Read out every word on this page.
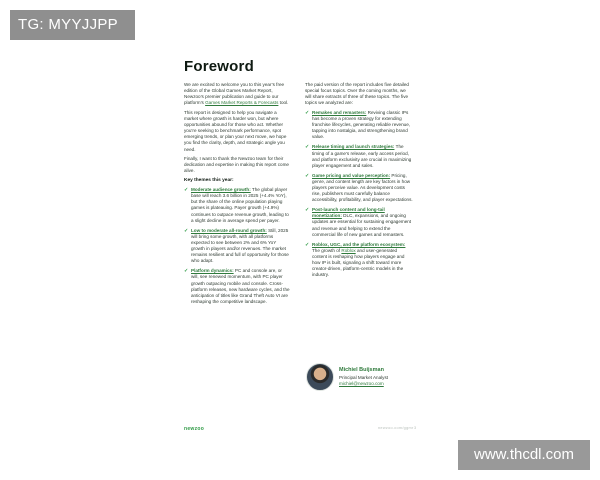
TG: MYYJJPP
Foreword

We are excited to welcome you to this year’s free edition of the Global Games Market Report, Newzoo’s premier publication and guide to our platform’s Games Market Reports & Forecasts tool.

This report is designed to help you navigate a market where growth is harder won, but where opportunities abound for those who act. Whether you’re seeking to benchmark performance, spot emerging trends, or plan your next move, we hope you find the clarity, depth, and strategic angle you need.

Finally, I want to thank the Newzoo team for their dedication and expertise in making this report come alive.

Key themes this year:
✓ Moderate audience growth: The global player base will reach 3.6 billion in 2025 (+4.4% YoY), but the share of the online population playing games is plateauing. Payer growth (+4.9%) continues to outpace revenue growth, leading to a slight decline in average spend per payer.
✓ Low to moderate all-round growth: Still, 2025 will bring some growth, with all platforms expected to see between 2% and 6% YoY growth in players and/or revenues. The market remains resilient and full of opportunity for those who adapt.
✓ Platform dynamics: PC and console are, or will, see renewed momentum, with PC player growth outpacing mobile and console. Cross-platform releases, new hardware cycles, and the anticipation of titles like Grand Theft Auto VI are reshaping the competitive landscape.

The paid version of the report includes five detailed special focus topics. Over the coming months, we will share extracts of three of these topics. The five topics we analyzed are:

✓ Remakes and remasters: Reviving classic IPs has become a proven strategy for extending franchise lifecycles, generating reliable revenue, tapping into nostalgia, and strengthening brand value.
✓ Release timing and launch strategies: The timing of a game’s release, early access period, and platform exclusivity are crucial in maximizing player engagement and sales.
✓ Game pricing and value perception: Pricing, genre, and content length are key factors in how players perceive value. As development costs rise, publishers must carefully balance accessibility, profitability, and player expectations.
✓ Post-launch content and long-tail monetization: DLC, expansions, and ongoing updates are essential for sustaining engagement and revenue and helping to extend the commercial life of new games and remasters.
✓ Roblox, UGC, and the platform ecosystem: The growth of Roblox and user-generated content is reshaping how players engage and how IP is built, signaling a shift toward more creator-driven, platform-centric models in the industry.
Michiel Buijsman
Principal Market Analyst
michiel@newzoo.com
newzoo	newzoo.com/ggmr 3
www.thcdl.com
